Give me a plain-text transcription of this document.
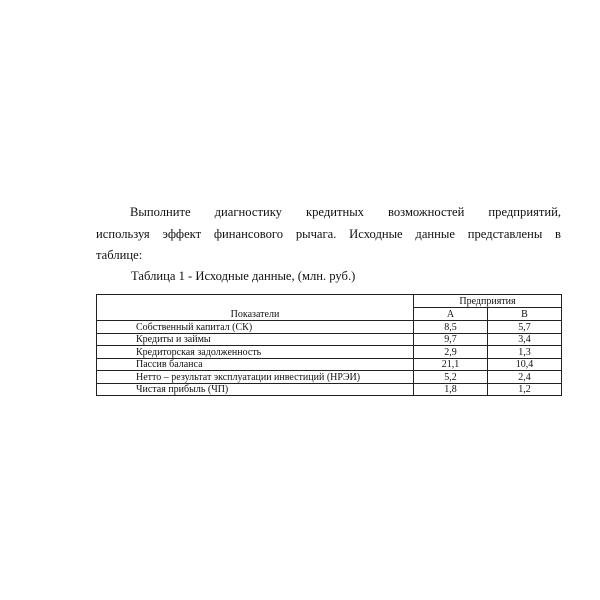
Выполните диагностику кредитных возможностей предприятий,
используя эффект финансового рычага. Исходные данные представлены в
таблице:
Таблица 1 - Исходные данные, (млн. руб.)
Показатели	Предприятия	
	А	В
Собственный капитал (СК)	8,5	5,7
Кредиты и займы	9,7	3,4
Кредиторская задолженность	2,9	1,3
Пассив баланса	21,1	10,4
Нетто – результат эксплуатации инвестиций (НРЭИ)	5,2	2,4
Чистая прибыль (ЧП)	1,8	1,2
